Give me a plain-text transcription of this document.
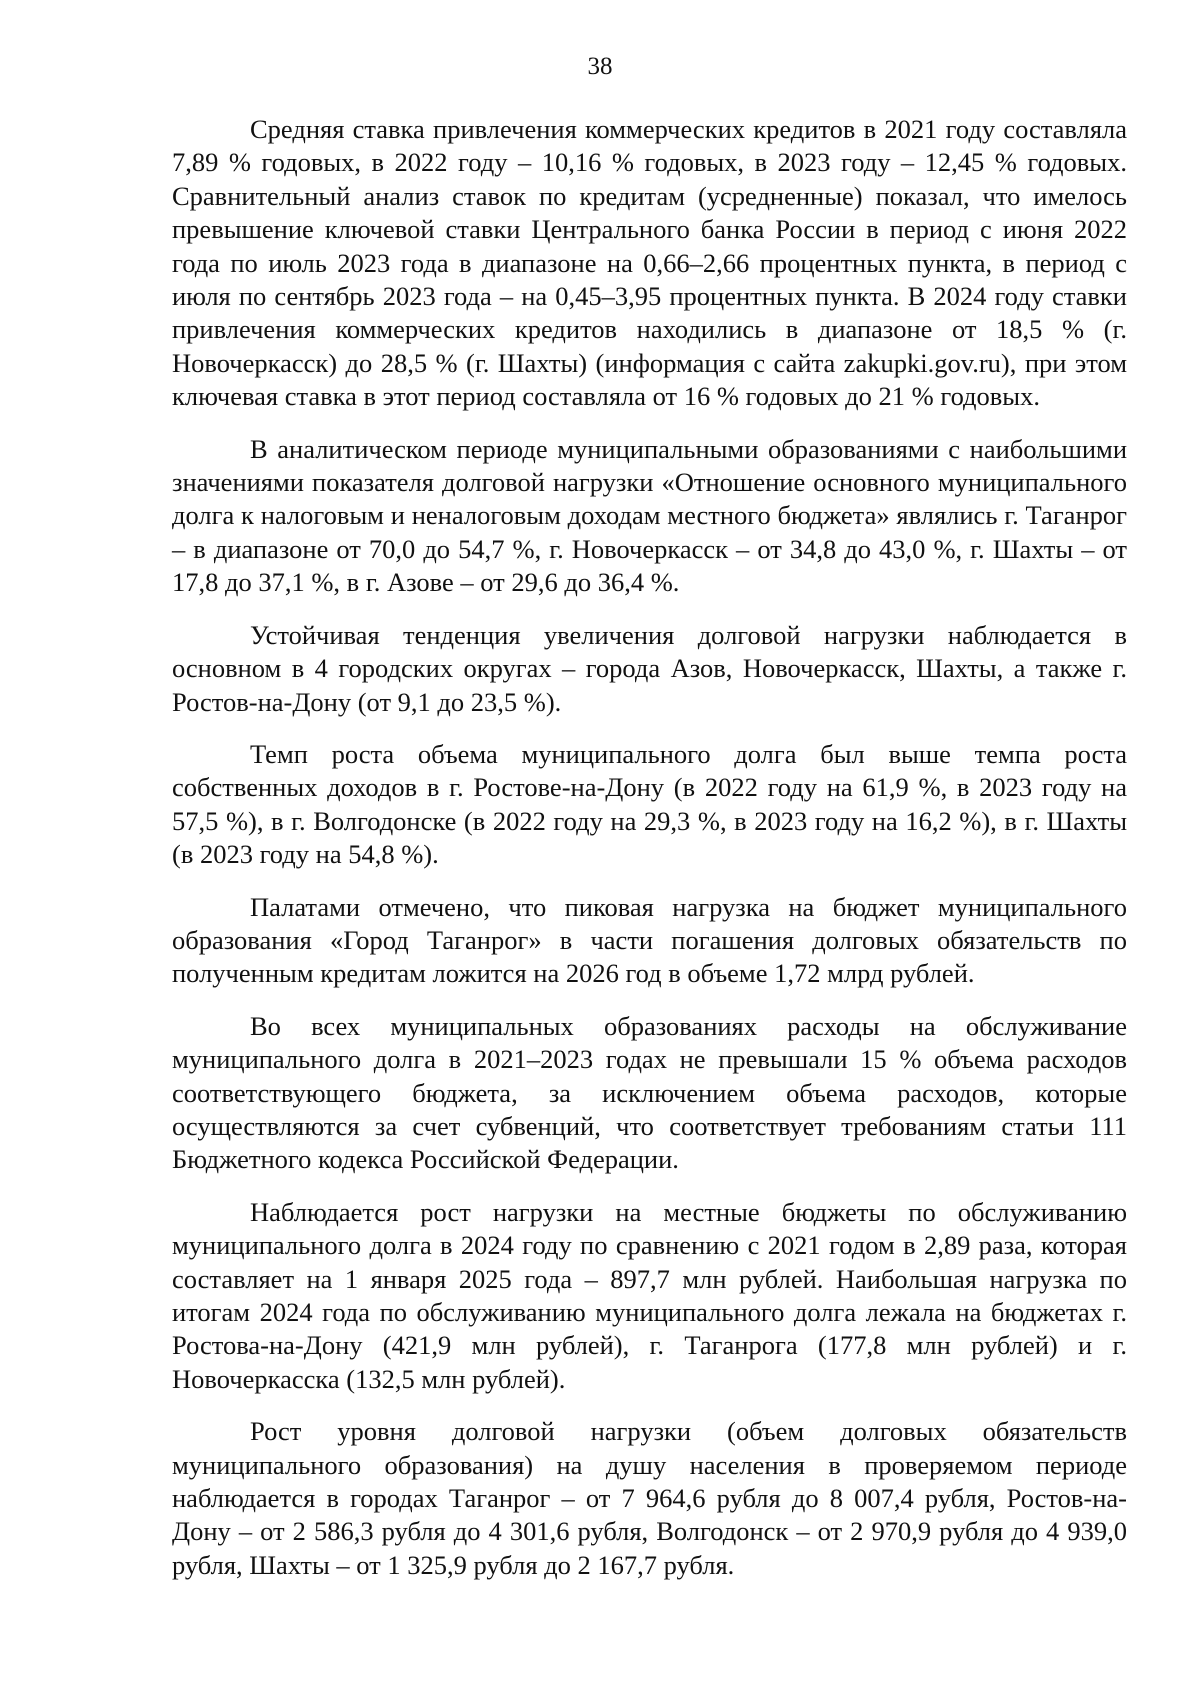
38

Средняя ставка привлечения коммерческих кредитов в 2021 году составляла 7,89 % годовых, в 2022 году – 10,16 % годовых, в 2023 году – 12,45 % годовых. Сравнительный анализ ставок по кредитам (усредненные) показал, что имелось превышение ключевой ставки Центрального банка России в период с июня 2022 года по июль 2023 года в диапазоне на 0,66–2,66 процентных пункта, в период с июля по сентябрь 2023 года – на 0,45–3,95 процентных пункта. В 2024 году ставки привлечения коммерческих кредитов находились в диапазоне от 18,5 % (г. Новочеркасск) до 28,5 % (г. Шахты) (информация с сайта zakupki.gov.ru), при этом ключевая ставка в этот период составляла от 16 % годовых до 21 % годовых.

В аналитическом периоде муниципальными образованиями с наибольшими значениями показателя долговой нагрузки «Отношение основного муниципального долга к налоговым и неналоговым доходам местного бюджета» являлись г. Таганрог – в диапазоне от 70,0 до 54,7 %, г. Новочеркасск – от 34,8 до 43,0 %, г. Шахты – от 17,8 до 37,1 %, в г. Азове – от 29,6 до 36,4 %.

Устойчивая тенденция увеличения долговой нагрузки наблюдается в основном в 4 городских округах – города Азов, Новочеркасск, Шахты, а также г. Ростов-на-Дону (от 9,1 до 23,5 %).

Темп роста объема муниципального долга был выше темпа роста собственных доходов в г. Ростове-на-Дону (в 2022 году на 61,9 %, в 2023 году на 57,5 %), в г. Волгодонске (в 2022 году на 29,3 %, в 2023 году на 16,2 %), в г. Шахты (в 2023 году на 54,8 %).

Палатами отмечено, что пиковая нагрузка на бюджет муниципального образования «Город Таганрог» в части погашения долговых обязательств по полученным кредитам ложится на 2026 год в объеме 1,72 млрд рублей.

Во всех муниципальных образованиях расходы на обслуживание муниципального долга в 2021–2023 годах не превышали 15 % объема расходов соответствующего бюджета, за исключением объема расходов, которые осуществляются за счет субвенций, что соответствует требованиям статьи 111 Бюджетного кодекса Российской Федерации.

Наблюдается рост нагрузки на местные бюджеты по обслуживанию муниципального долга в 2024 году по сравнению с 2021 годом в 2,89 раза, которая составляет на 1 января 2025 года – 897,7 млн рублей. Наибольшая нагрузка по итогам 2024 года по обслуживанию муниципального долга лежала на бюджетах г. Ростова-на-Дону (421,9 млн рублей), г. Таганрога (177,8 млн рублей) и г. Новочеркасска (132,5 млн рублей).

Рост уровня долговой нагрузки (объем долговых обязательств муниципального образования) на душу населения в проверяемом периоде наблюдается в городах Таганрог – от 7 964,6 рубля до 8 007,4 рубля, Ростов-на-Дону – от 2 586,3 рубля до 4 301,6 рубля, Волгодонск – от 2 970,9 рубля до 4 939,0 рубля, Шахты – от 1 325,9 рубля до 2 167,7 рубля.
